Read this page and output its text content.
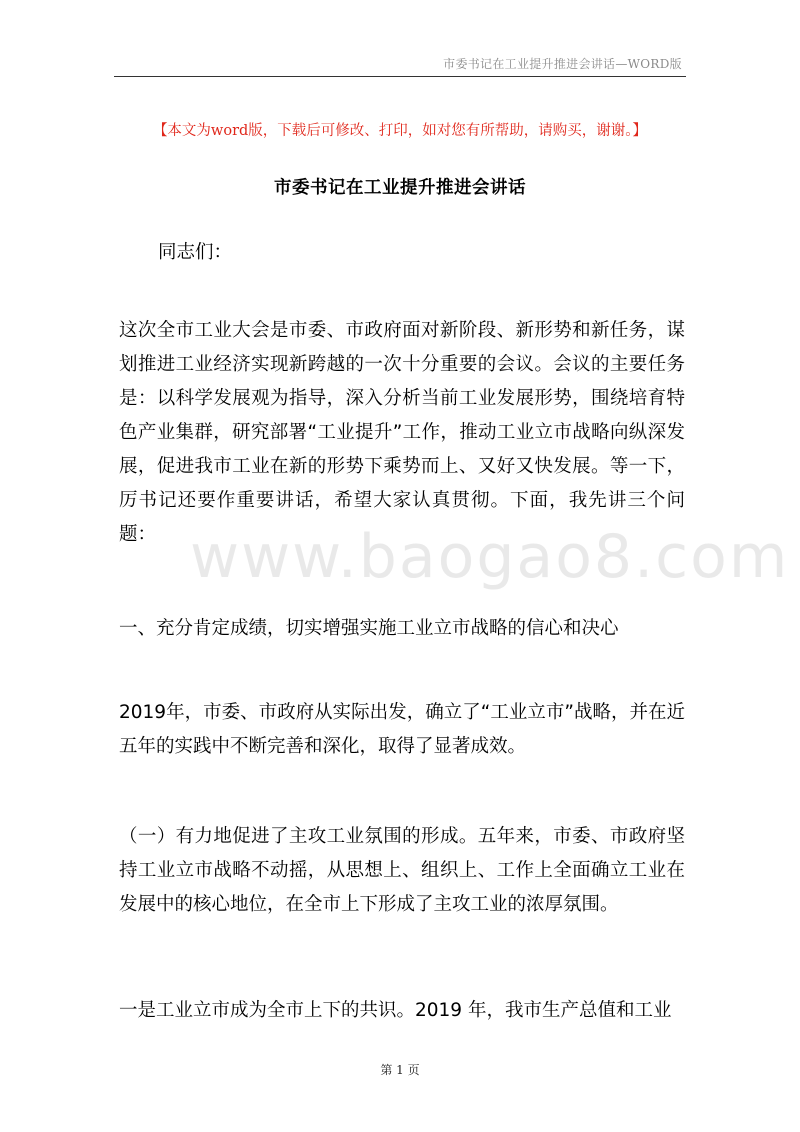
市委书记在工业提升推进会讲话—WORD版
【本文为word版，下载后可修改、打印，如对您有所帮助，请购买，谢谢。】
市委书记在工业提升推进会讲话

同志们：

这次全市工业大会是市委、市政府面对新阶段、新形势和新任务，谋划推进工业经济实现新跨越的一次十分重要的会议。会议的主要任务是：以科学发展观为指导，深入分析当前工业发展形势，围绕培育特色产业集群，研究部署“工业提升”工作，推动工业立市战略向纵深发展，促进我市工业在新的形势下乘势而上、又好又快发展。等一下，厉书记还要作重要讲话，希望大家认真贯彻。下面，我先讲三个问题：

一、充分肯定成绩，切实增强实施工业立市战略的信心和决心

2019年，市委、市政府从实际出发，确立了“工业立市”战略，并在近五年的实践中不断完善和深化，取得了显著成效。

（一）有力地促进了主攻工业氛围的形成。五年来，市委、市政府坚持工业立市战略不动摇，从思想上、组织上、工作上全面确立工业在发展中的核心地位，在全市上下形成了主攻工业的浓厚氛围。

一是工业立市成为全市上下的共识。2019 年，我市生产总值和工业

www.baogao8.com
第 1 页
